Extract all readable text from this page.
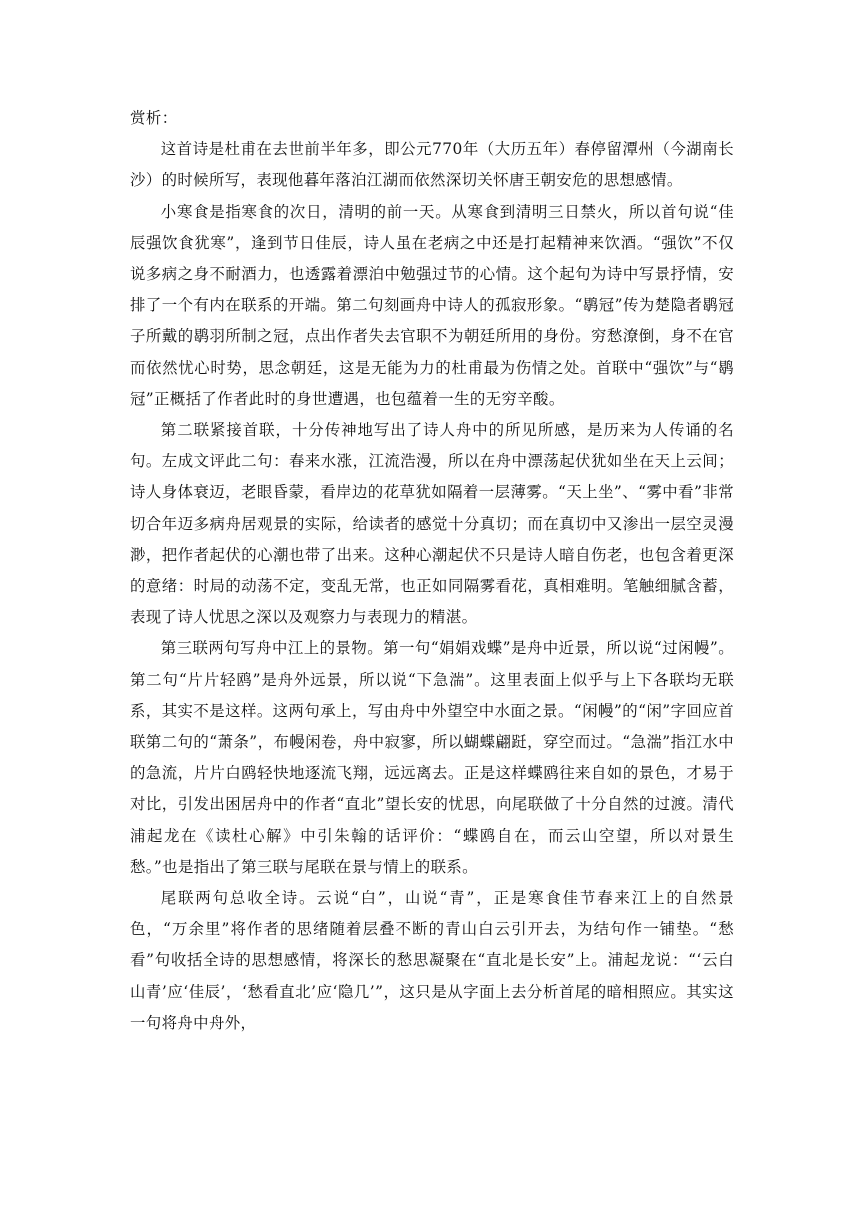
赏析：

这首诗是杜甫在去世前半年多，即公元770年（大历五年）春停留潭州（今湖南长沙）的时候所写，表现他暮年落泊江湖而依然深切关怀唐王朝安危的思想感情。

小寒食是指寒食的次日，清明的前一天。从寒食到清明三日禁火，所以首句说“佳辰强饮食犹寒”，逢到节日佳辰，诗人虽在老病之中还是打起精神来饮酒。“强饮”不仅说多病之身不耐酒力，也透露着漂泊中勉强过节的心情。这个起句为诗中写景抒情，安排了一个有内在联系的开端。第二句刻画舟中诗人的孤寂形象。“鹖冠”传为楚隐者鹖冠子所戴的鹖羽所制之冠，点出作者失去官职不为朝廷所用的身份。穷愁潦倒，身不在官而依然忧心时势，思念朝廷，这是无能为力的杜甫最为伤情之处。首联中“强饮”与“鹖冠”正概括了作者此时的身世遭遇，也包蕴着一生的无穷辛酸。

第二联紧接首联，十分传神地写出了诗人舟中的所见所感，是历来为人传诵的名句。左成文评此二句：春来水涨，江流浩漫，所以在舟中漂荡起伏犹如坐在天上云间；诗人身体衰迈，老眼昏蒙，看岸边的花草犹如隔着一层薄雾。“天上坐”、“雾中看”非常切合年迈多病舟居观景的实际，给读者的感觉十分真切；而在真切中又渗出一层空灵漫渺，把作者起伏的心潮也带了出来。这种心潮起伏不只是诗人暗自伤老，也包含着更深的意绪：时局的动荡不定，变乱无常，也正如同隔雾看花，真相难明。笔触细腻含蓄，表现了诗人忧思之深以及观察力与表现力的精湛。

第三联两句写舟中江上的景物。第一句“娟娟戏蝶”是舟中近景，所以说“过闲幔”。第二句“片片轻鸥”是舟外远景，所以说“下急湍”。这里表面上似乎与上下各联均无联系，其实不是这样。这两句承上，写由舟中外望空中水面之景。“闲幔”的“闲”字回应首联第二句的“萧条”，布幔闲卷，舟中寂寥，所以蝴蝶翩跹，穿空而过。“急湍”指江水中的急流，片片白鸥轻快地逐流飞翔，远远离去。正是这样蝶鸥往来自如的景色，才易于对比，引发出困居舟中的作者“直北”望长安的忧思，向尾联做了十分自然的过渡。清代浦起龙在《读杜心解》中引朱翰的话评价：“蝶鸥自在，而云山空望，所以对景生愁。”也是指出了第三联与尾联在景与情上的联系。

尾联两句总收全诗。云说“白”，山说“青”，正是寒食佳节春来江上的自然景色，“万余里”将作者的思绪随着层叠不断的青山白云引开去，为结句作一铺垫。“愁看”句收括全诗的思想感情，将深长的愁思凝聚在“直北是长安”上。浦起龙说：“‘云白山青’应‘佳辰’，‘愁看直北’应‘隐几’”，这只是从字面上去分析首尾的暗相照应。其实这一句将舟中舟外，
